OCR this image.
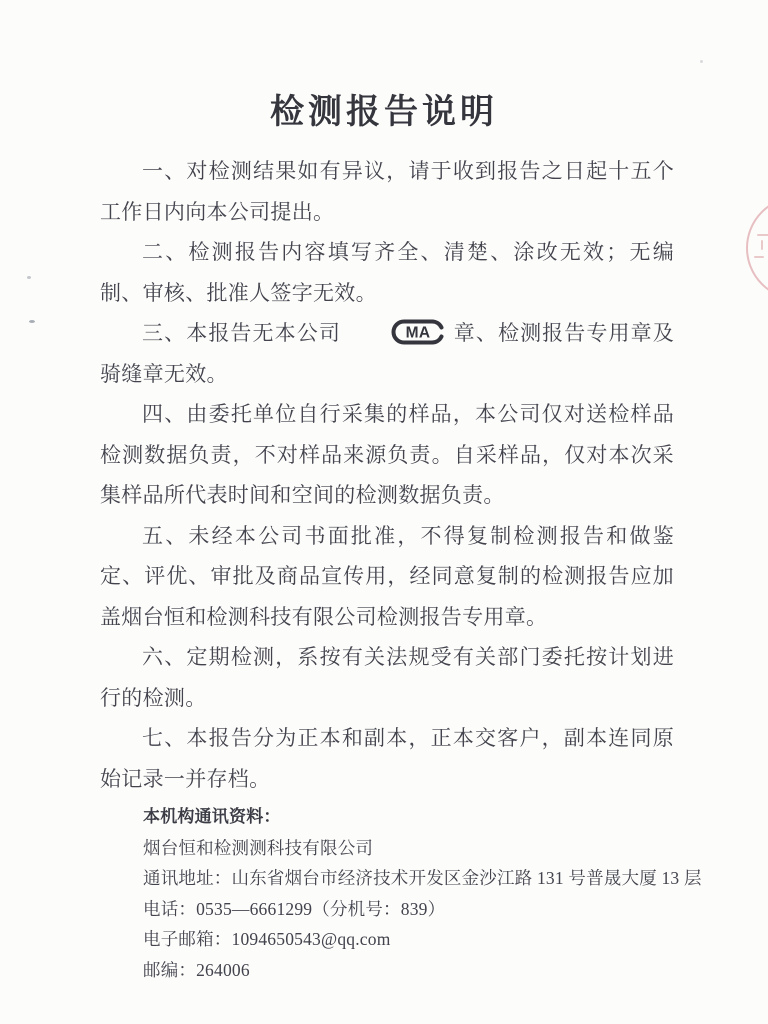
检测报告说明

一、对检测结果如有异议，请于收到报告之日起十五个工作日内向本公司提出。

二、检测报告内容填写齐全、清楚、涂改无效；无编制、审核、批准人签字无效。

三、本报告无本公司	MA 章、检测报告专用章及骑缝章无效。

四、由委托单位自行采集的样品，本公司仅对送检样品检测数据负责，不对样品来源负责。自采样品，仅对本次采集样品所代表时间和空间的检测数据负责。

五、未经本公司书面批准，不得复制检测报告和做鉴定、评优、审批及商品宣传用，经同意复制的检测报告应加盖烟台恒和检测科技有限公司检测报告专用章。

六、定期检测，系按有关法规受有关部门委托按计划进行的检测。

七、本报告分为正本和副本，正本交客户，副本连同原始记录一并存档。

本机构通讯资料：
烟台恒和检测测科技有限公司
通讯地址：山东省烟台市经济技术开发区金沙江路 131 号普晟大厦 13 层
电话：0535—6661299（分机号：839）
电子邮箱：1094650543@qq.com
邮编：264006
